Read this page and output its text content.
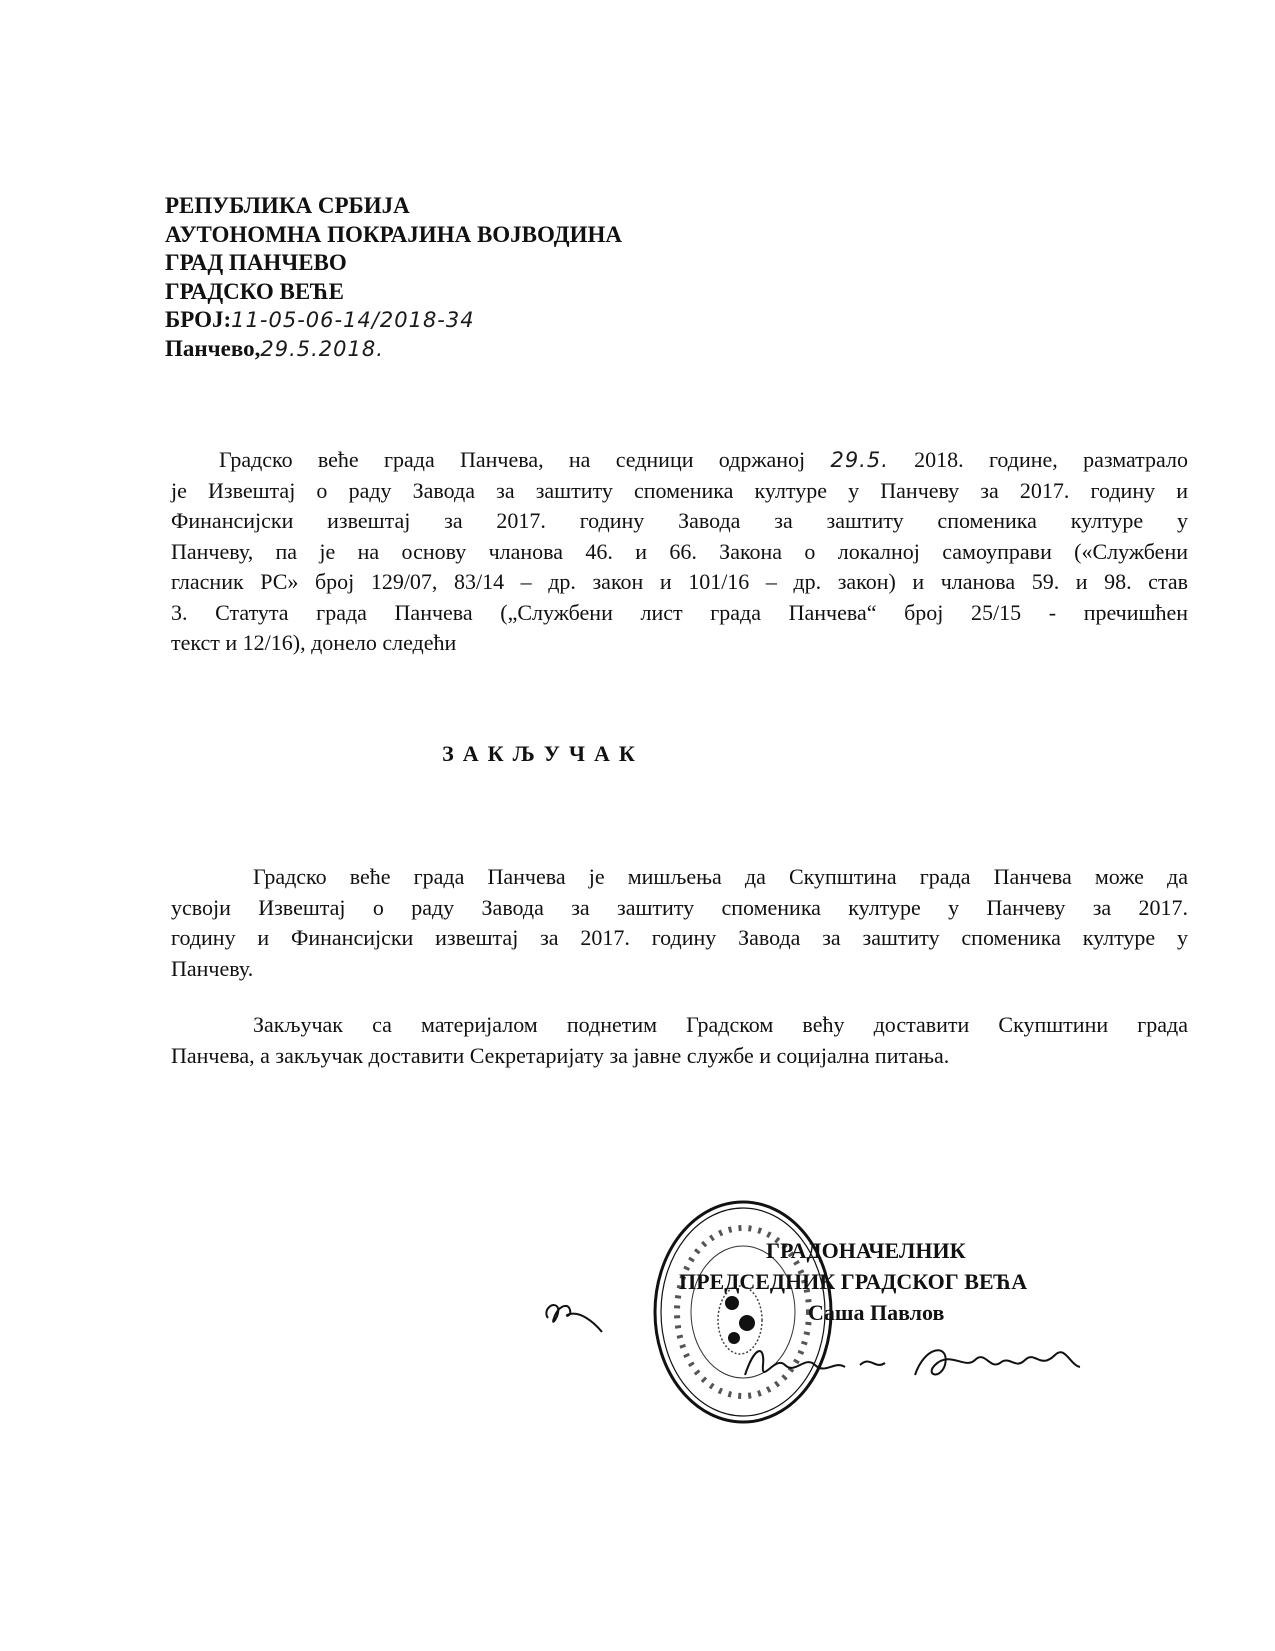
РЕПУБЛИКА СРБИЈА
АУТОНОМНА ПОКРАЈИНА ВОЈВОДИНА
ГРАД ПАНЧЕВО
ГРАДСКО ВЕЋЕ
БРОЈ:11-05-06-14/2018-34
Панчево,29.5.2018.
Градско веће града Панчева, на седници одржаној 29.5. 2018. године, разматрало
је Извештај о раду Завода за заштиту споменика културе у Панчеву за 2017. годину и
Финансијски извештај за 2017. годину Завода за заштиту споменика културе у
Панчеву, па је на основу чланова 46. и 66. Закона о локалној самоуправи («Службени
гласник РС» број 129/07, 83/14 – др. закон и 101/16 – др. закон) и чланова 59. и 98. став
3. Статута града Панчева („Службени лист града Панчева“ број 25/15 - пречишћен
текст и 12/16), донело следећи
ЗАКЉУЧАК
Градско веће града Панчева је мишљења да Скупштина града Панчева може да
усвоји Извештај о раду Завода за заштиту споменика културе у Панчеву за 2017.
годину и Финансијски извештај за 2017. годину Завода за заштиту споменика културе у
Панчеву.
Закључак са материјалом поднетим Градском већу доставити Скупштини града
Панчева, а закључак доставити Секретаријату за јавне службе и социјална питања.
ГРАДОНАЧЕЛНИК
ПРЕДСЕДНИК ГРАДСКОГ ВЕЋА
Саша Павлов
